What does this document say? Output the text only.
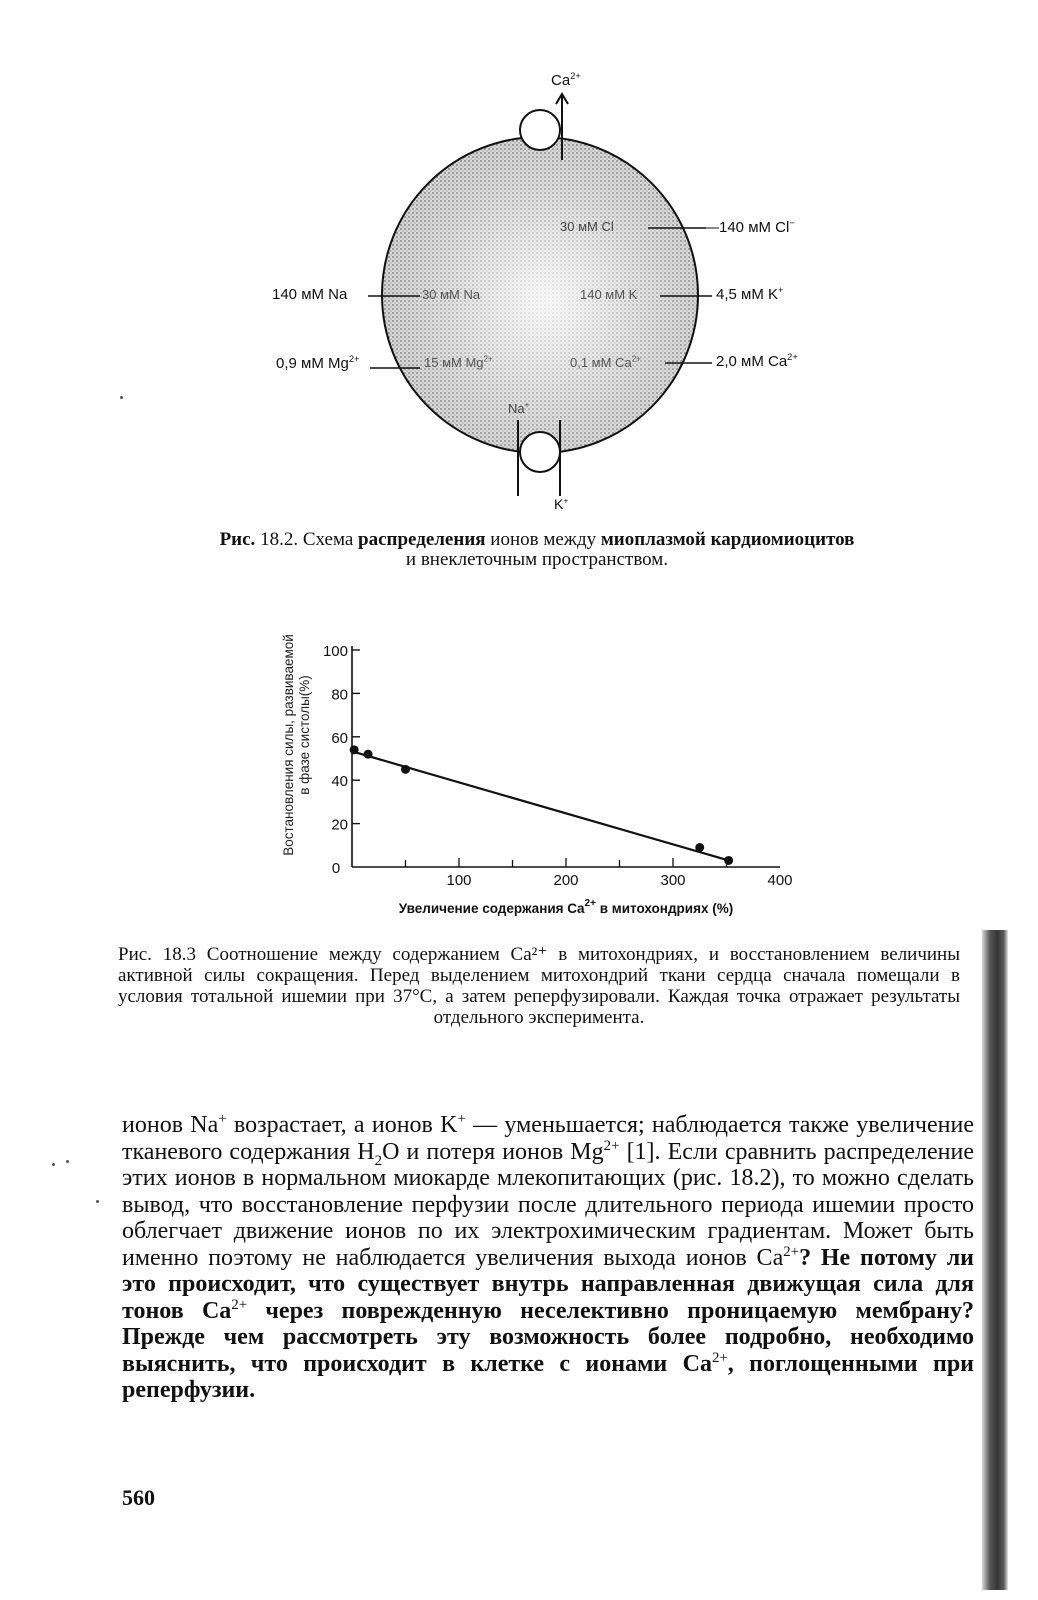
$Ca^{2+}$
140 мМ Na
0,9 мМ $Mg^{2+}$
—140 мМ Cl−
4,5 мМ K+
2,0 мМ $Ca^{2+}$
30 мМ Cl
30 мМ Na	140 мМ K
15 мМ $Mg^{2+}$	0,1 мМ $Ca^{2+}$
Na+
K+
Рис. 18.2. Схема распределения ионов между миоплазмой кардиомиоцитов
и внеклеточным пространством.
20
40
60
80
100
100	200	300	400
0
Увеличение содержания $Ca^{2+}$ в митохондриях (%)
Востановления силы, развиваемой в фазе систолы(%)
Рис. 18.3 Соотношение между содержанием Ca²⁺ в митохондриях, и восстановлением величины активной силы сокращения. Перед выделением митохондрий ткани сердца сначала помещали в условия тотальной ишемии при 37°С, а затем реперфузировали. Каждая точка отражает результаты отдельного эксперимента.

ионов Na+ возрастает, а ионов K+ — уменьшается; наблюдается также увеличение тканевого содержания $H_2O$ и потеря ионов $Mg^{2+}$ [1]. Если сравнить распределение этих ионов в нормальном миокарде млекопитающих (рис. 18.2), то можно сделать вывод, что восстановление перфузии после длительного периода ишемии просто облегчает движение ионов по их электрохимическим градиентам. Может быть именно поэтому не наблюдается увеличения выхода ионов $Ca^{2+}$? Не потому ли это происходит, что существует внутрь направленная движущая сила для тонов $Ca^{2+}$ через поврежденную неселективно проницаемую мембрану? Прежде чем рассмотреть эту возможность более подробно, необходимо выяснить, что происходит в клетке с ионами $Ca^{2+}$, поглощенными при реперфузии.

560
